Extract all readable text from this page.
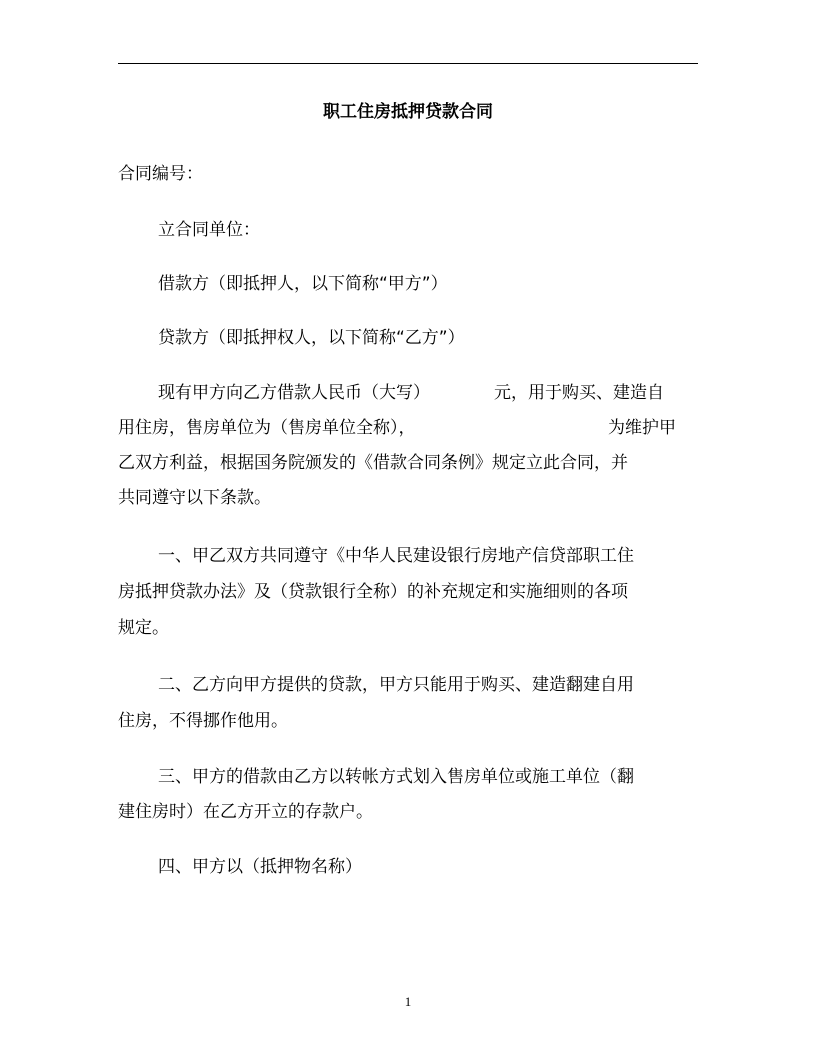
职工住房抵押贷款合同
合同编号：
立合同单位：
借款方（即抵押人，以下简称“甲方”）
贷款方（即抵押权人，以下简称“乙方”）
现有甲方向乙方借款人民币（大写）	元，用于购买、建造自
用住房，售房单位为（售房单位全称），	为维护甲
乙双方利益，根据国务院颁发的《借款合同条例》规定立此合同，并
共同遵守以下条款。
一、甲乙双方共同遵守《中华人民建设银行房地产信贷部职工住
房抵押贷款办法》及（贷款银行全称）的补充规定和实施细则的各项
规定。
二、乙方向甲方提供的贷款，甲方只能用于购买、建造翻建自用
住房，不得挪作他用。
三、甲方的借款由乙方以转帐方式划入售房单位或施工单位（翻
建住房时）在乙方开立的存款户。
四、甲方以（抵押物名称）
1
